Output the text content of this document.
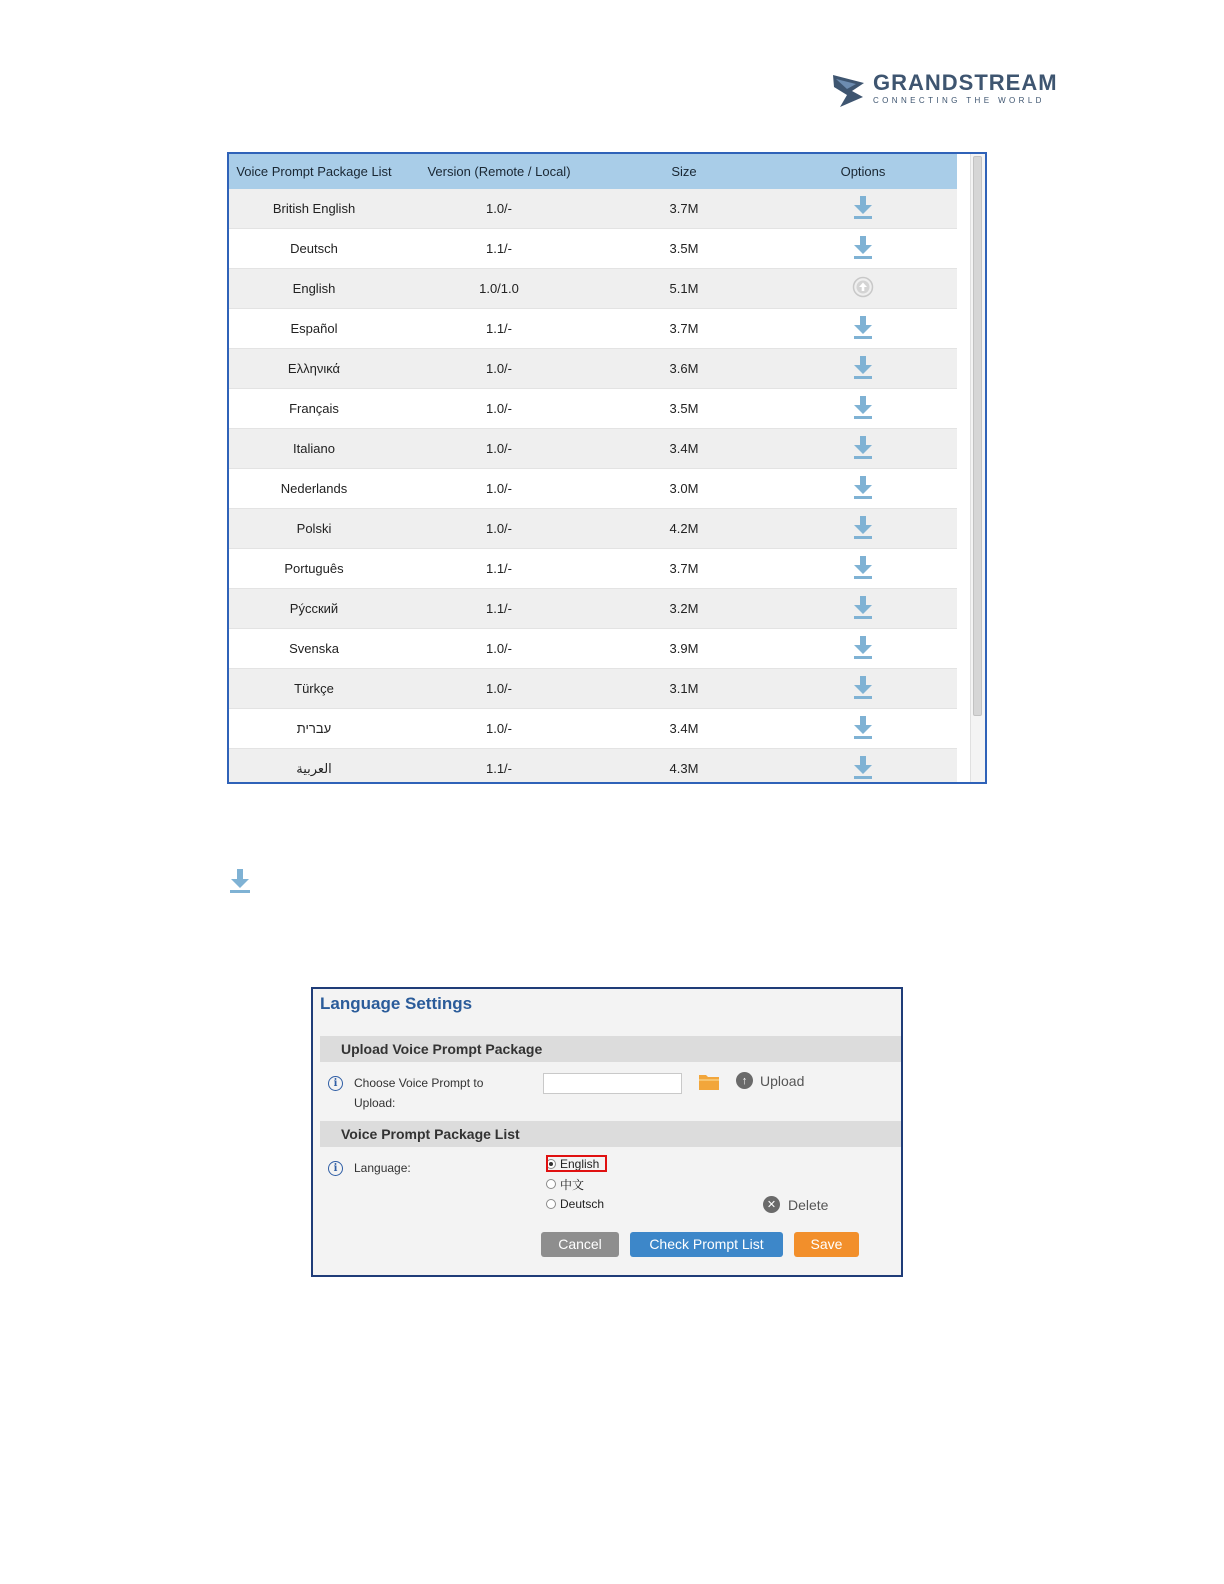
GRANDSTREAM
CONNECTING THE WORLD
Voice Prompt Package List	Version (Remote / Local)	Size	Options
British English	1.0/-	3.7M	
Deutsch	1.1/-	3.5M	
English	1.0/1.0	5.1M	
Español	1.1/-	3.7M	
Ελληνικά	1.0/-	3.6M	
Français	1.0/-	3.5M	
Italiano	1.0/-	3.4M	
Nederlands	1.0/-	3.0M	
Polski	1.0/-	4.2M	
Português	1.1/-	3.7M	
Pýсский	1.1/-	3.2M	
Svenska	1.0/-	3.9M	
Türkçe	1.0/-	3.1M	
עברית	1.0/-	3.4M	
العربية	1.1/-	4.3M	
Language Settings
Upload Voice Prompt Package
i	Choose Voice Prompt to Upload:
↑ Upload
Voice Prompt Package List
i	Language:	English
中文
Deutsch	✕ Delete
Cancel	Check Prompt List	Save
